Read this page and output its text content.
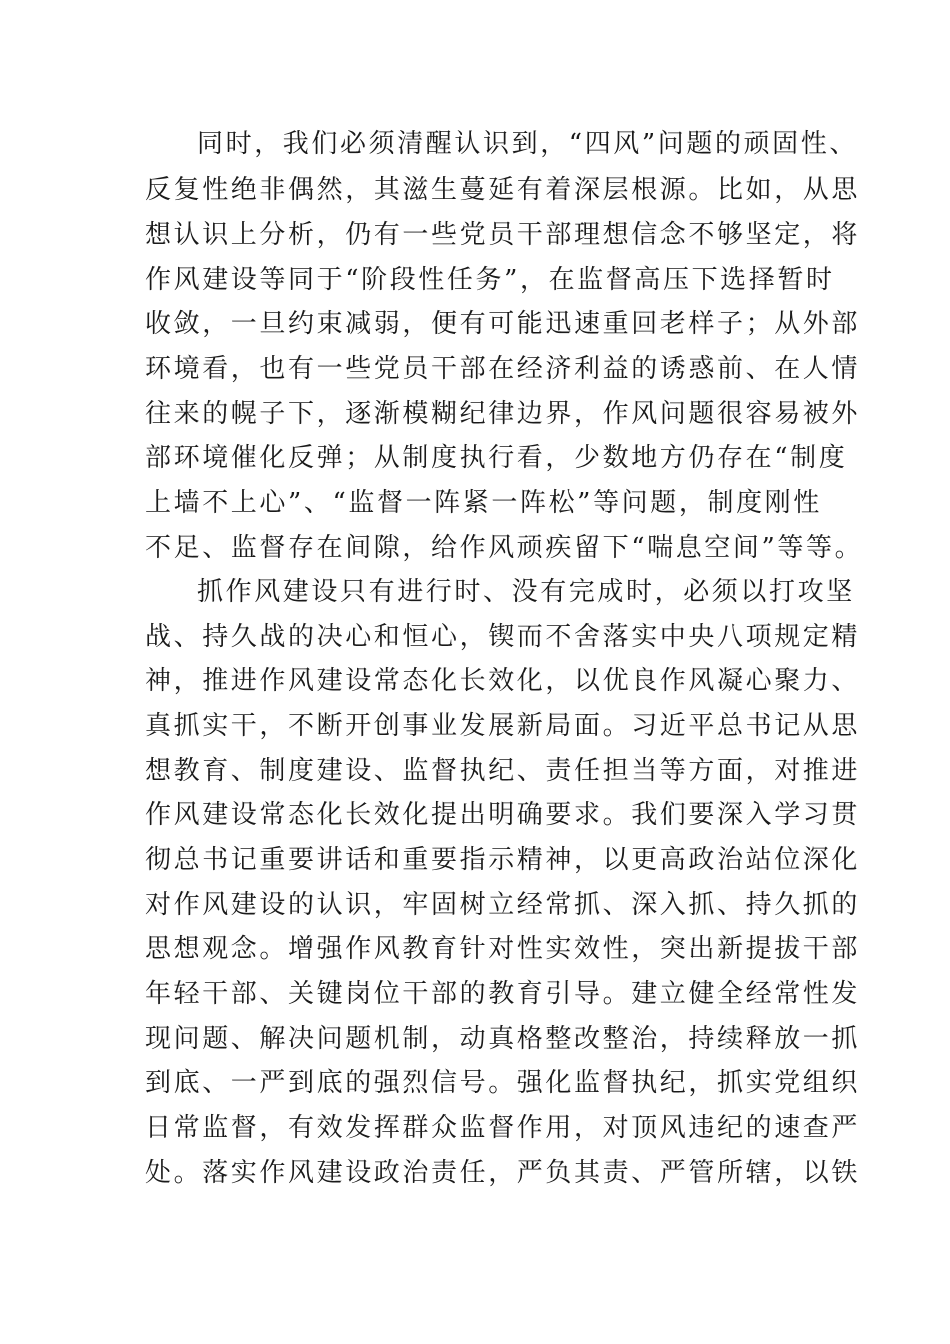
同时，我们必须清醒认识到，“四风”问题的顽固性、
反复性绝非偶然，其滋生蔓延有着深层根源。比如，从思
想认识上分析，仍有一些党员干部理想信念不够坚定，将
作风建设等同于“阶段性任务”，在监督高压下选择暂时
收敛，一旦约束减弱，便有可能迅速重回老样子；从外部
环境看，也有一些党员干部在经济利益的诱惑前、在人情
往来的幌子下，逐渐模糊纪律边界，作风问题很容易被外
部环境催化反弹；从制度执行看，少数地方仍存在“制度
上墙不上心”、“监督一阵紧一阵松”等问题，制度刚性
不足、监督存在间隙，给作风顽疾留下“喘息空间”等等。
抓作风建设只有进行时、没有完成时，必须以打攻坚
战、持久战的决心和恒心，锲而不舍落实中央八项规定精
神，推进作风建设常态化长效化，以优良作风凝心聚力、
真抓实干，不断开创事业发展新局面。习近平总书记从思
想教育、制度建设、监督执纪、责任担当等方面，对推进
作风建设常态化长效化提出明确要求。我们要深入学习贯
彻总书记重要讲话和重要指示精神，以更高政治站位深化
对作风建设的认识，牢固树立经常抓、深入抓、持久抓的
思想观念。增强作风教育针对性实效性，突出新提拔干部
年轻干部、关键岗位干部的教育引导。建立健全经常性发
现问题、解决问题机制，动真格整改整治，持续释放一抓
到底、一严到底的强烈信号。强化监督执纪，抓实党组织
日常监督，有效发挥群众监督作用，对顶风违纪的速查严
处。落实作风建设政治责任，严负其责、严管所辖，以铁
